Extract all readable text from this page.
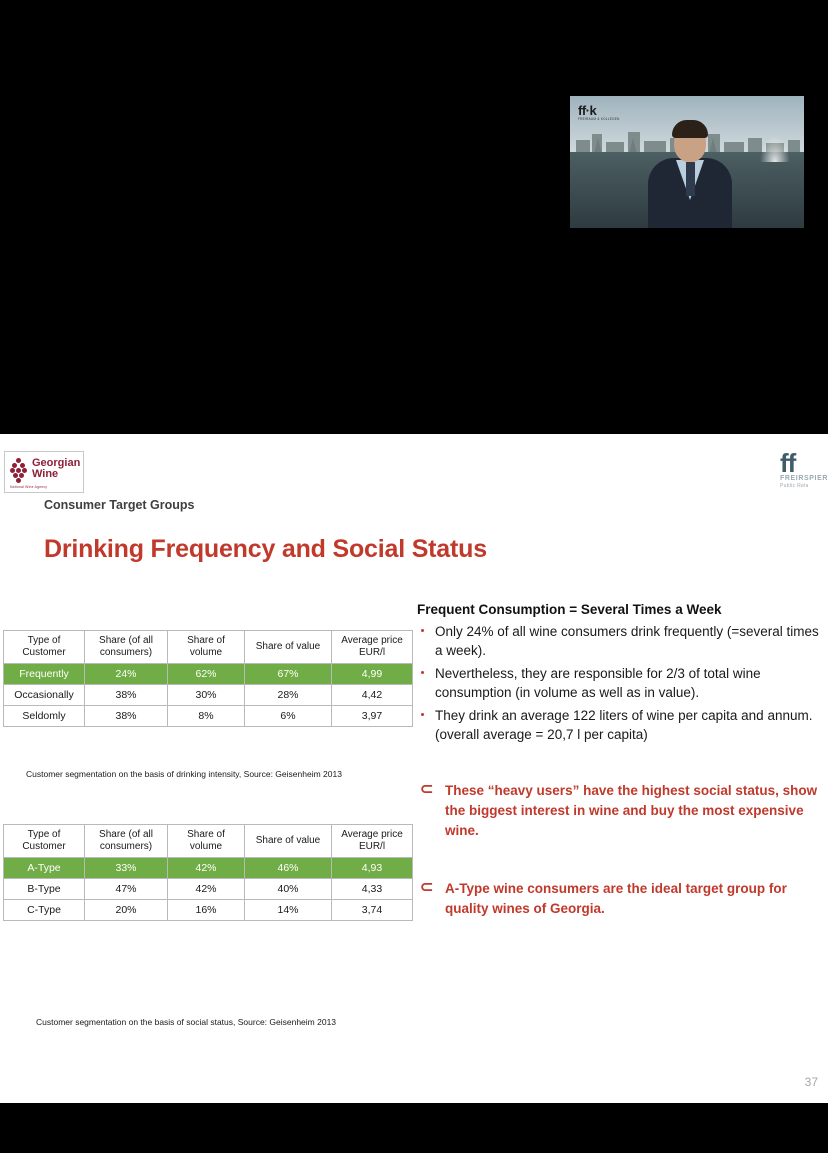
ff·k
FREIRAUM & KOLLEGEN
Georgian
Wine
National Wine Agency
ff
FREIRSPIER
Public Rela
Consumer Target Groups
Drinking Frequency and Social Status
Type of Customer	Share (of all consumers)	Share of volume	Share of value	Average price EUR/l
Frequently	24%	62%	67%	4,99
Occasionally	38%	30%	28%	4,42
Seldomly	38%	8%	6%	3,97
Customer segmentation on the basis of drinking intensity, Source: Geisenheim 2013
Type of Customer	Share (of all consumers)	Share of volume	Share of value	Average price EUR/l
A-Type	33%	42%	46%	4,93
B-Type	47%	42%	40%	4,33
C-Type	20%	16%	14%	3,74
Customer segmentation on the basis of social status, Source: Geisenheim 2013
Frequent Consumption = Several Times a Week
Only 24% of all wine consumers drink frequently (=several times a week).
Nevertheless, they are responsible for 2/3 of total wine consumption (in volume as well as in value).
They drink an average 122 liters of wine per capita and annum. (overall average = 20,7 l per capita)
⊃ These “heavy users” have the highest social status, show the biggest interest in wine and buy the most expensive wine.
⊃ A-Type wine consumers are the ideal target group for quality wines of Georgia.
37
